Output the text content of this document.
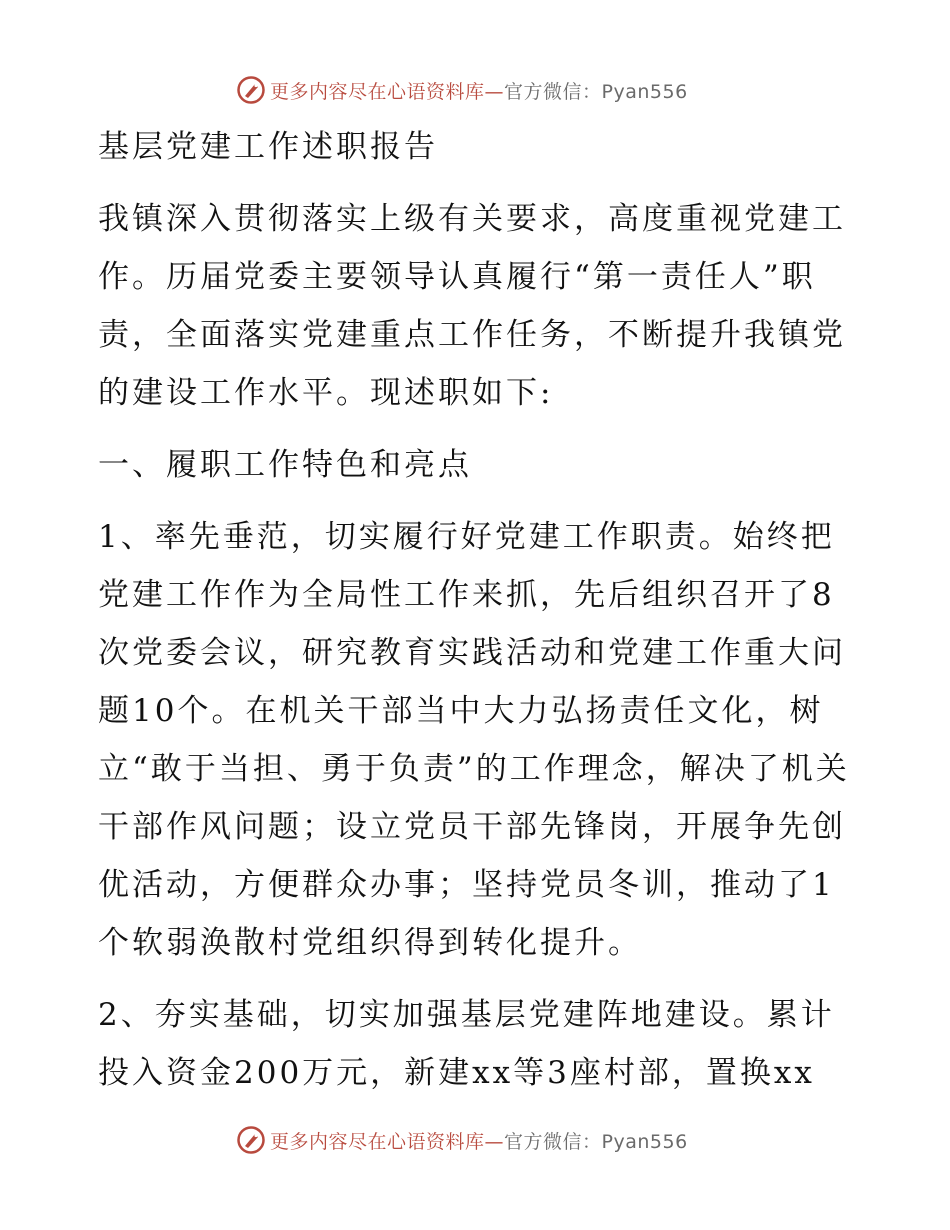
更多内容尽在心语资料库—官方微信：Pyan556

基层党建工作述职报告

我镇深入贯彻落实上级有关要求，高度重视党建工作。历届党委主要领导认真履行“第一责任人”职责，全面落实党建重点工作任务，不断提升我镇党的建设工作水平。现述职如下:

一、履职工作特色和亮点

1、率先垂范，切实履行好党建工作职责。始终把党建工作作为全局性工作来抓，先后组织召开了8次党委会议，研究教育实践活动和党建工作重大问题10个。在机关干部当中大力弘扬责任文化，树立“敢于当担、勇于负责”的工作理念，解决了机关干部作风问题；设立党员干部先锋岗，开展争先创优活动，方便群众办事；坚持党员冬训，推动了1个软弱涣散村党组织得到转化提升。

2、夯实基础，切实加强基层党建阵地建设。累计投入资金200万元，新建xx等3座村部，置换xx

更多内容尽在心语资料库—官方微信：Pyan556
